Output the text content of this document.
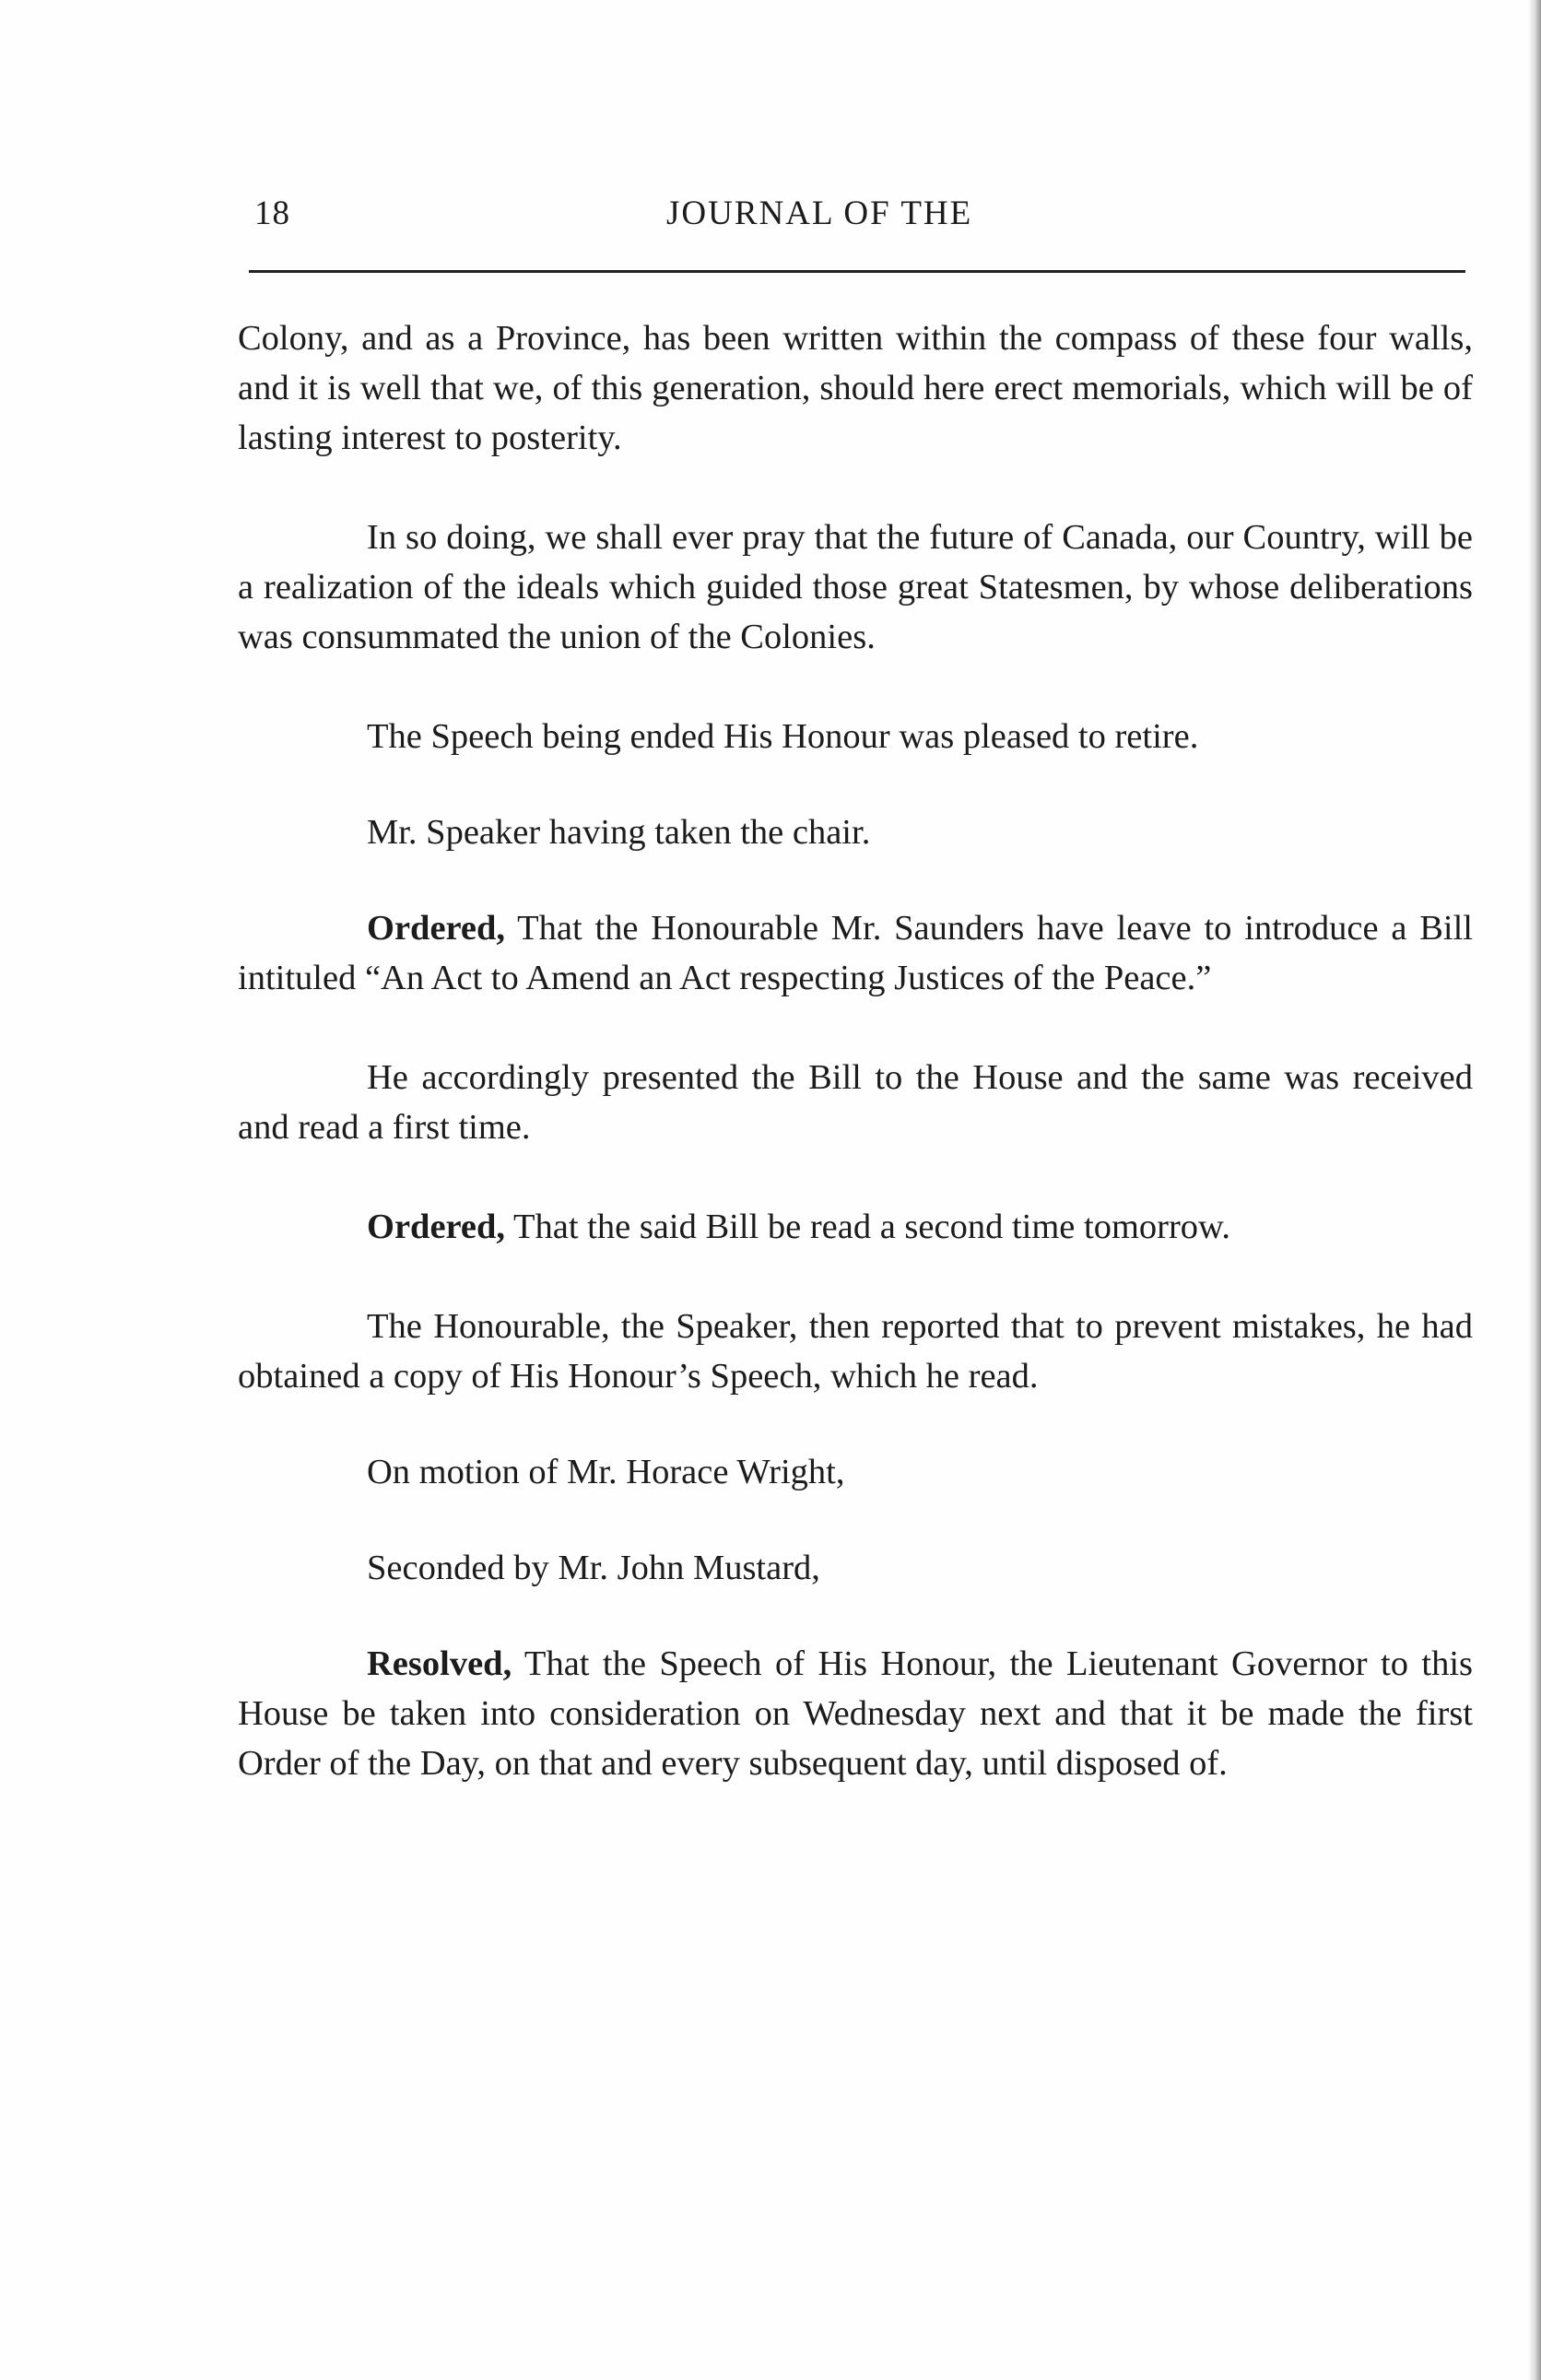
18	JOURNAL OF THE

Colony, and as a Province, has been written within the compass of these four walls, and it is well that we, of this generation, should here erect memorials, which will be of lasting interest to posterity.

In so doing, we shall ever pray that the future of Canada, our Country, will be a realization of the ideals which guided those great Statesmen, by whose deliberations was consummated the union of the Colonies.

The Speech being ended His Honour was pleased to retire.

Mr. Speaker having taken the chair.

Ordered, That the Honourable Mr. Saunders have leave to introduce a Bill intituled “An Act to Amend an Act respecting Justices of the Peace.”

He accordingly presented the Bill to the House and the same was received and read a first time.

Ordered, That the said Bill be read a second time tomorrow.

The Honourable, the Speaker, then reported that to prevent mistakes, he had obtained a copy of His Honour’s Speech, which he read.

On motion of Mr. Horace Wright,

Seconded by Mr. John Mustard,

Resolved, That the Speech of His Honour, the Lieutenant Governor to this House be taken into consideration on Wednesday next and that it be made the first Order of the Day, on that and every subsequent day, until disposed of.
